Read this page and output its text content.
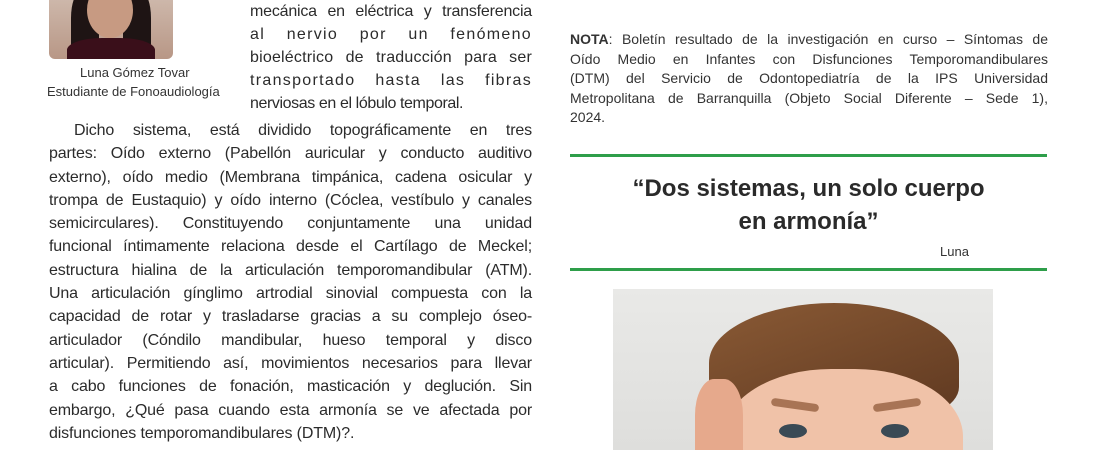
Luna Gómez Tovar
Estudiante de Fonoaudiología
mecánica en eléctrica y transferencia
al nervio por un fenómeno
bioeléctrico de traducción para ser
transportado hasta las fibras
nerviosas en el lóbulo temporal.
Dicho sistema, está dividido topográficamente en tres
partes: Oído externo (Pabellón auricular y conducto auditivo
externo), oído medio (Membrana timpánica, cadena osicular y
trompa de Eustaquio) y oído interno (Cóclea, vestíbulo y canales
semicirculares). Constituyendo conjuntamente una unidad
funcional íntimamente relaciona desde el Cartílago de Meckel;
estructura hialina de la articulación temporomandibular (ATM).
Una articulación gínglimo artrodial sinovial compuesta con la
capacidad de rotar y trasladarse gracias a su complejo óseo-
articulador (Cóndilo mandibular, hueso temporal y disco
articular). Permitiendo así, movimientos necesarios para llevar
a cabo funciones de fonación, masticación y deglución. Sin
embargo, ¿Qué pasa cuando esta armonía se ve afectada por
disfunciones temporomandibulares (DTM)?.
NOTA: Boletín resultado de la investigación en curso – Síntomas de
Oído Medio en Infantes con Disfunciones Temporomandibulares
(DTM) del Servicio de Odontopediatría de la IPS Universidad
Metropolitana de Barranquilla (Objeto Social Diferente – Sede 1),
2024.
“Dos sistemas, un solo cuerpo
en armonía”
Luna
